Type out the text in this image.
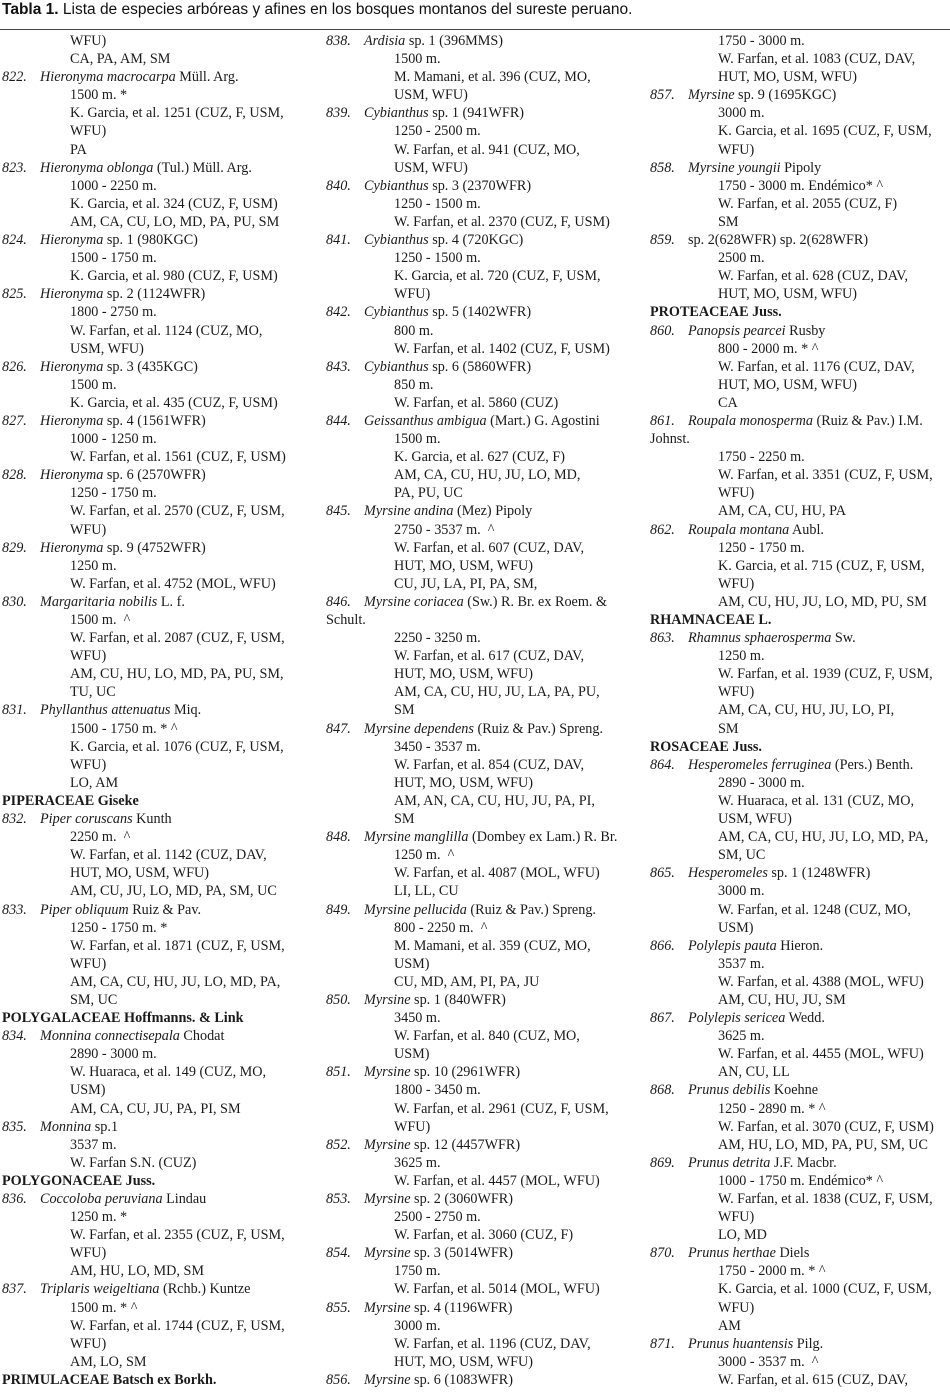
Tabla 1. Lista de especies arbóreas y afines en los bosques montanos del sureste peruano.
WFU)
CA, PA, AM, SM
822. Hieronyma macrocarpa Müll. Arg.
1500 m. *
K. Garcia, et al. 1251 (CUZ, F, USM,
WFU)
PA
823. Hieronyma oblonga (Tul.) Müll. Arg.
1000 - 2250 m.
K. Garcia, et al. 324 (CUZ, F, USM)
AM, CA, CU, LO, MD, PA, PU, SM
824. Hieronyma sp. 1 (980KGC)
1500 - 1750 m.
K. Garcia, et al. 980 (CUZ, F, USM)
825. Hieronyma sp. 2 (1124WFR)
1800 - 2750 m.
W. Farfan, et al. 1124 (CUZ, MO,
USM, WFU)
826. Hieronyma sp. 3 (435KGC)
1500 m.
K. Garcia, et al. 435 (CUZ, F, USM)
827. Hieronyma sp. 4 (1561WFR)
1000 - 1250 m.
W. Farfan, et al. 1561 (CUZ, F, USM)
828. Hieronyma sp. 6 (2570WFR)
1250 - 1750 m.
W. Farfan, et al. 2570 (CUZ, F, USM,
WFU)
829. Hieronyma sp. 9 (4752WFR)
1250 m.
W. Farfan, et al. 4752 (MOL, WFU)
830. Margaritaria nobilis L. f.
1500 m.  ^
W. Farfan, et al. 2087 (CUZ, F, USM,
WFU)
AM, CU, HU, LO, MD, PA, PU, SM,
TU, UC
831. Phyllanthus attenuatus Miq.
1500 - 1750 m. * ^
K. Garcia, et al. 1076 (CUZ, F, USM,
WFU)
LO, AM
PIPERACEAE Giseke
832. Piper coruscans Kunth
2250 m.  ^
W. Farfan, et al. 1142 (CUZ, DAV,
HUT, MO, USM, WFU)
AM, CU, JU, LO, MD, PA, SM, UC
833. Piper obliquum Ruiz & Pav.
1250 - 1750 m. *
W. Farfan, et al. 1871 (CUZ, F, USM,
WFU)
AM, CA, CU, HU, JU, LO, MD, PA,
SM, UC
POLYGALACEAE Hoffmanns. & Link
834. Monnina connectisepala Chodat
2890 - 3000 m.
W. Huaraca, et al. 149 (CUZ, MO,
USM)
AM, CA, CU, JU, PA, PI, SM
835. Monnina sp.1
3537 m.
W. Farfan S.N. (CUZ)
POLYGONACEAE Juss.
836. Coccoloba peruviana Lindau
1250 m. *
W. Farfan, et al. 2355 (CUZ, F, USM,
WFU)
AM, HU, LO, MD, SM
837. Triplaris weigeltiana (Rchb.) Kuntze
1500 m. * ^
W. Farfan, et al. 1744 (CUZ, F, USM,
WFU)
AM, LO, SM
PRIMULACEAE Batsch ex Borkh.
838. Ardisia sp. 1 (396MMS)
1500 m.
M. Mamani, et al. 396 (CUZ, MO,
USM, WFU)
839. Cybianthus sp. 1 (941WFR)
1250 - 2500 m.
W. Farfan, et al. 941 (CUZ, MO,
USM, WFU)
840. Cybianthus sp. 3 (2370WFR)
1250 - 1500 m.
W. Farfan, et al. 2370 (CUZ, F, USM)
841. Cybianthus sp. 4 (720KGC)
1250 - 1500 m.
K. Garcia, et al. 720 (CUZ, F, USM,
WFU)
842. Cybianthus sp. 5 (1402WFR)
800 m.
W. Farfan, et al. 1402 (CUZ, F, USM)
843. Cybianthus sp. 6 (5860WFR)
850 m.
W. Farfan, et al. 5860 (CUZ)
844. Geissanthus ambigua (Mart.) G. Agostini
1500 m.
K. Garcia, et al. 627 (CUZ, F)
AM, CA, CU, HU, JU, LO, MD,
PA, PU, UC
845. Myrsine andina (Mez) Pipoly
2750 - 3537 m.  ^
W. Farfan, et al. 607 (CUZ, DAV,
HUT, MO, USM, WFU)
CU, JU, LA, PI, PA, SM,
846. Myrsine coriacea (Sw.) R. Br. ex Roem. &
Schult.
2250 - 3250 m.
W. Farfan, et al. 617 (CUZ, DAV,
HUT, MO, USM, WFU)
AM, CA, CU, HU, JU, LA, PA, PU,
SM
847. Myrsine dependens (Ruiz & Pav.) Spreng.
3450 - 3537 m.
W. Farfan, et al. 854 (CUZ, DAV,
HUT, MO, USM, WFU)
AM, AN, CA, CU, HU, JU, PA, PI,
SM
848. Myrsine manglilla (Dombey ex Lam.) R. Br.
1250 m.  ^
W. Farfan, et al. 4087 (MOL, WFU)
LI, LL, CU
849. Myrsine pellucida (Ruiz & Pav.) Spreng.
800 - 2250 m.  ^
M. Mamani, et al. 359 (CUZ, MO,
USM)
CU, MD, AM, PI, PA, JU
850. Myrsine sp. 1 (840WFR)
3450 m.
W. Farfan, et al. 840 (CUZ, MO,
USM)
851. Myrsine sp. 10 (2961WFR)
1800 - 3450 m.
W. Farfan, et al. 2961 (CUZ, F, USM,
WFU)
852. Myrsine sp. 12 (4457WFR)
3625 m.
W. Farfan, et al. 4457 (MOL, WFU)
853. Myrsine sp. 2 (3060WFR)
2500 - 2750 m.
W. Farfan, et al. 3060 (CUZ, F)
854. Myrsine sp. 3 (5014WFR)
1750 m.
W. Farfan, et al. 5014 (MOL, WFU)
855. Myrsine sp. 4 (1196WFR)
3000 m.
W. Farfan, et al. 1196 (CUZ, DAV,
HUT, MO, USM, WFU)
856. Myrsine sp. 6 (1083WFR)
1750 - 3000 m.
W. Farfan, et al. 1083 (CUZ, DAV,
HUT, MO, USM, WFU)
857. Myrsine sp. 9 (1695KGC)
3000 m.
K. Garcia, et al. 1695 (CUZ, F, USM,
WFU)
858. Myrsine youngii Pipoly
1750 - 3000 m. Endémico* ^
W. Farfan, et al. 2055 (CUZ, F)
SM
859. sp. 2(628WFR) sp. 2(628WFR)
2500 m.
W. Farfan, et al. 628 (CUZ, DAV,
HUT, MO, USM, WFU)
PROTEACEAE Juss.
860. Panopsis pearcei Rusby
800 - 2000 m. * ^
W. Farfan, et al. 1176 (CUZ, DAV,
HUT, MO, USM, WFU)
CA
861. Roupala monosperma (Ruiz & Pav.) I.M.
Johnst.
1750 - 2250 m.
W. Farfan, et al. 3351 (CUZ, F, USM,
WFU)
AM, CA, CU, HU, PA
862. Roupala montana Aubl.
1250 - 1750 m.
K. Garcia, et al. 715 (CUZ, F, USM,
WFU)
AM, CU, HU, JU, LO, MD, PU, SM
RHAMNACEAE L.
863. Rhamnus sphaerosperma Sw.
1250 m.
W. Farfan, et al. 1939 (CUZ, F, USM,
WFU)
AM, CA, CU, HU, JU, LO, PI,
SM
ROSACEAE Juss.
864. Hesperomeles ferruginea (Pers.) Benth.
2890 - 3000 m.
W. Huaraca, et al. 131 (CUZ, MO,
USM, WFU)
AM, CA, CU, HU, JU, LO, MD, PA,
SM, UC
865. Hesperomeles sp. 1 (1248WFR)
3000 m.
W. Farfan, et al. 1248 (CUZ, MO,
USM)
866. Polylepis pauta Hieron.
3537 m.
W. Farfan, et al. 4388 (MOL, WFU)
AM, CU, HU, JU, SM
867. Polylepis sericea Wedd.
3625 m.
W. Farfan, et al. 4455 (MOL, WFU)
AN, CU, LL
868. Prunus debilis Koehne
1250 - 2890 m. * ^
W. Farfan, et al. 3070 (CUZ, F, USM)
AM, HU, LO, MD, PA, PU, SM, UC
869. Prunus detrita J.F. Macbr.
1000 - 1750 m. Endémico* ^
W. Farfan, et al. 1838 (CUZ, F, USM,
WFU)
LO, MD
870. Prunus herthae Diels
1750 - 2000 m. * ^
K. Garcia, et al. 1000 (CUZ, F, USM,
WFU)
AM
871. Prunus huantensis Pilg.
3000 - 3537 m.  ^
W. Farfan, et al. 615 (CUZ, DAV,
